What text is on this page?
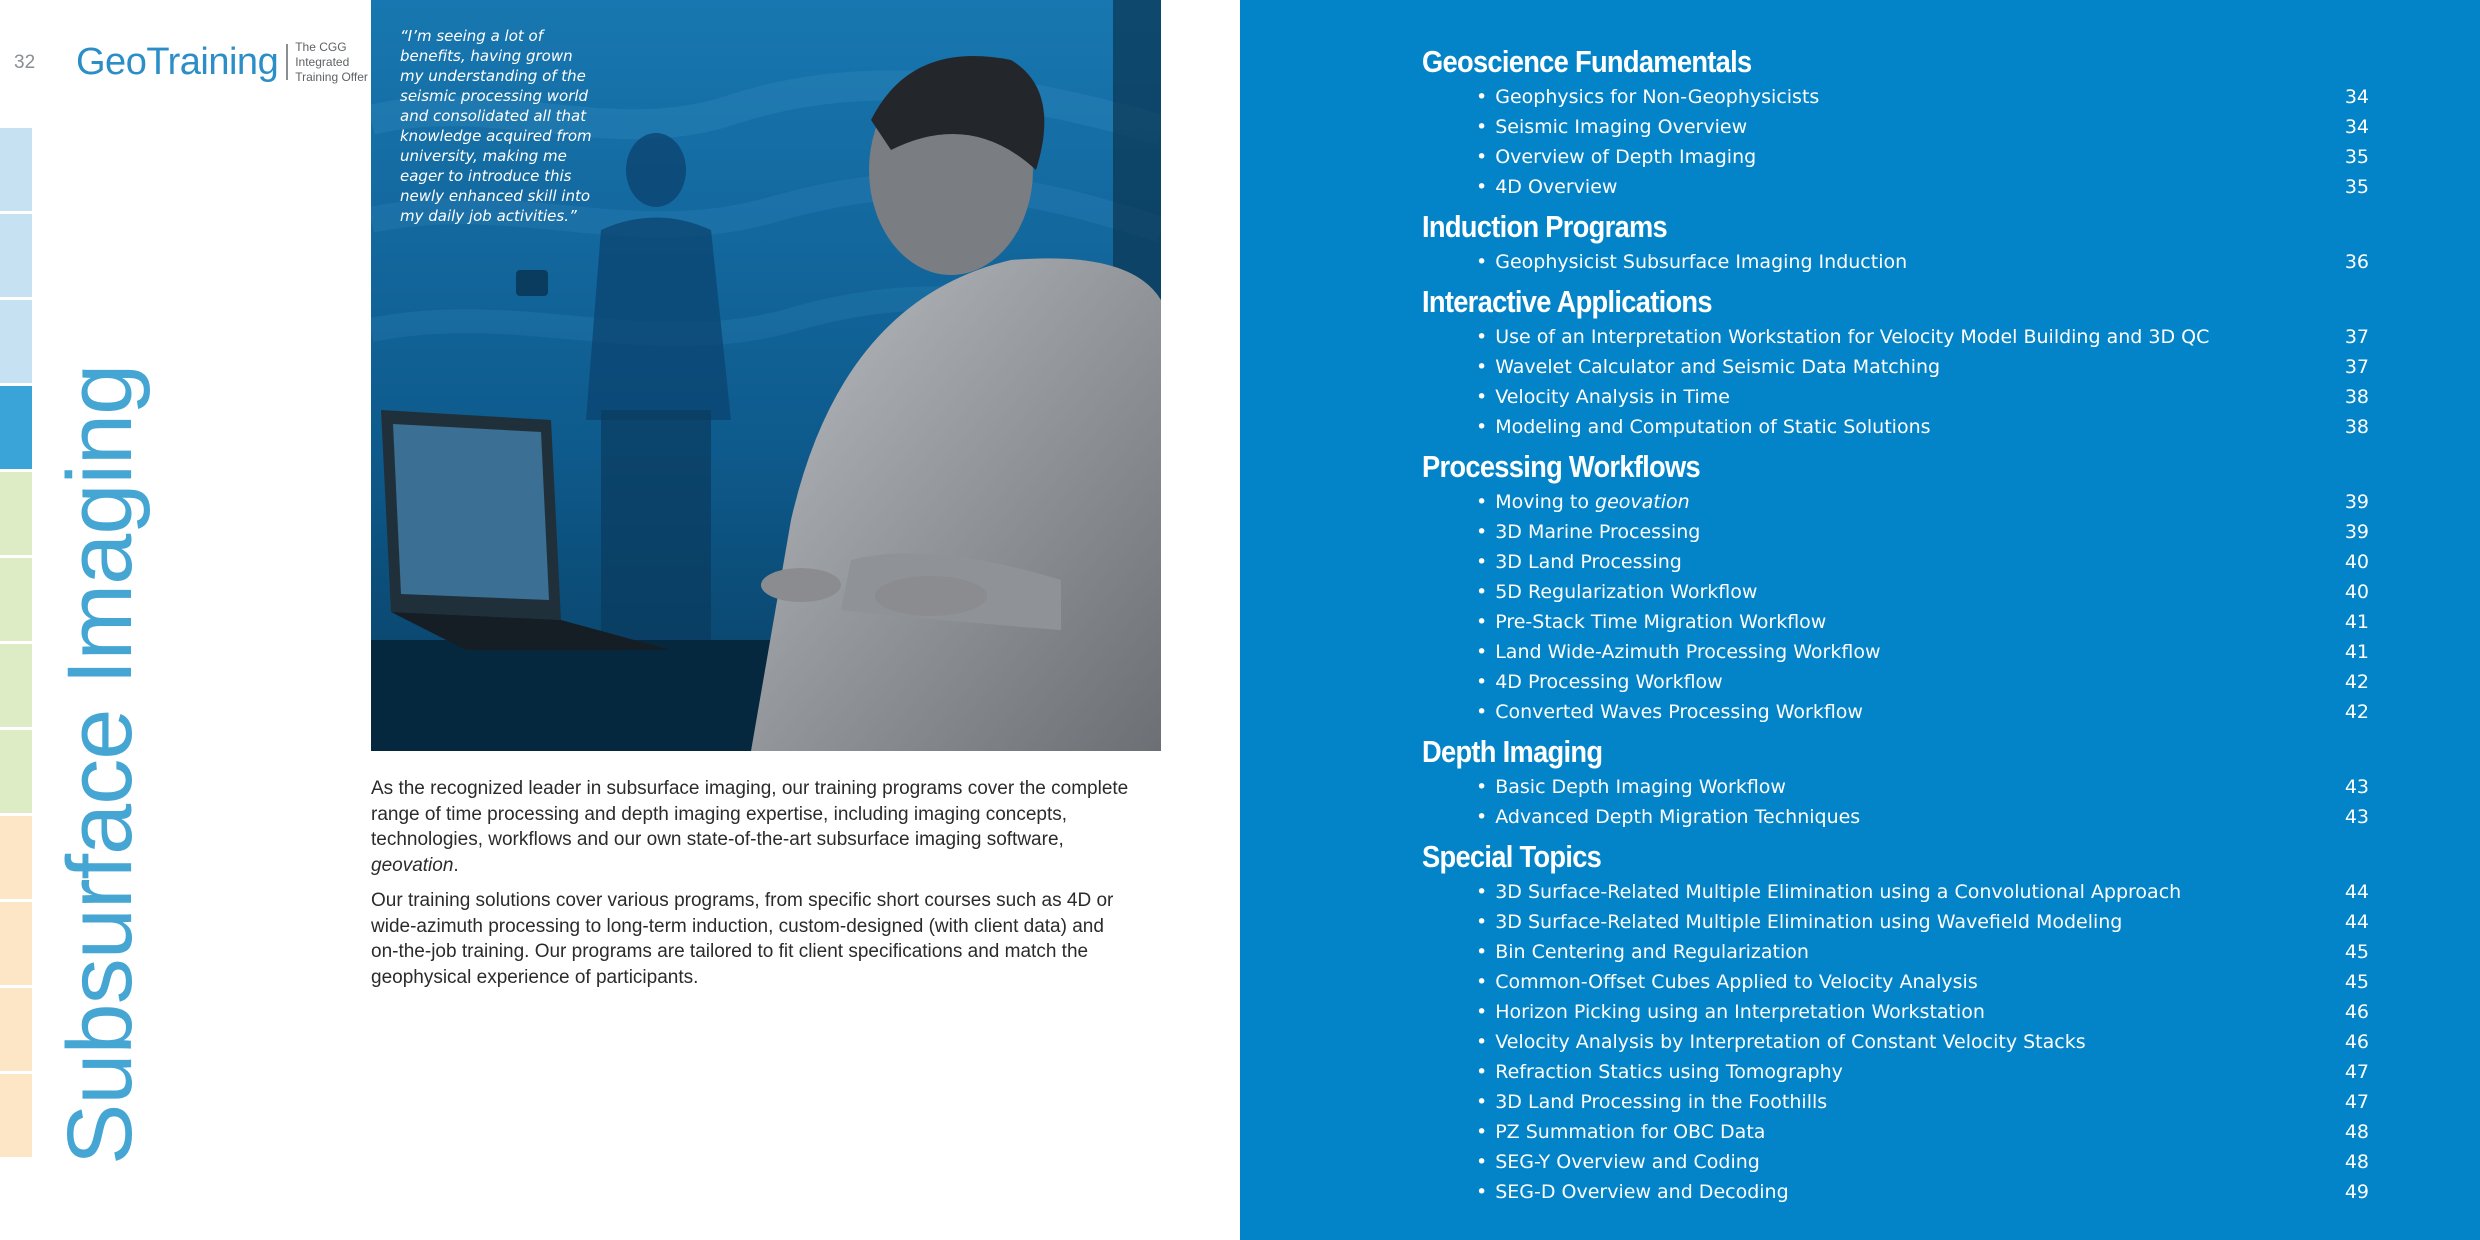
32 GeoTraining The CGG Integrated
Training Offer
Subsurface Imaging
“I’m seeing a lot of benefits, having grown my understanding of the seismic processing world and consolidated all that knowledge acquired from university, making me eager to introduce this newly enhanced skill into my daily job activities.”

As the recognized leader in subsurface imaging, our training programs cover the complete range of time processing and depth imaging expertise, including imaging concepts, technologies, workflows and our own state-of-the-art subsurface imaging software, geovation.

Our training solutions cover various programs, from specific short courses such as 4D or wide-azimuth processing to long-term induction, custom-designed (with client data) and on-the-job training. Our programs are tailored to fit client specifications and match the geophysical experience of participants.

Geoscience Fundamentals
• Geophysics for Non-Geophysicists	34
• Seismic Imaging Overview	34
• Overview of Depth Imaging	35
• 4D Overview	35
Induction Programs
• Geophysicist Subsurface Imaging Induction	36
Interactive Applications
• Use of an Interpretation Workstation for Velocity Model Building and 3D QC	37
• Wavelet Calculator and Seismic Data Matching	37
• Velocity Analysis in Time	38
• Modeling and Computation of Static Solutions	38
Processing Workflows
• Moving to geovation	39
• 3D Marine Processing	39
• 3D Land Processing	40
• 5D Regularization Workflow	40
• Pre-Stack Time Migration Workflow	41
• Land Wide-Azimuth Processing Workflow	41
• 4D Processing Workflow	42
• Converted Waves Processing Workflow	42
Depth Imaging
• Basic Depth Imaging Workflow	43
• Advanced Depth Migration Techniques	43
Special Topics
• 3D Surface-Related Multiple Elimination using a Convolutional Approach	44
• 3D Surface-Related Multiple Elimination using Wavefield Modeling	44
• Bin Centering and Regularization	45
• Common-Offset Cubes Applied to Velocity Analysis	45
• Horizon Picking using an Interpretation Workstation	46
• Velocity Analysis by Interpretation of Constant Velocity Stacks	46
• Refraction Statics using Tomography	47
• 3D Land Processing in the Foothills	47
• PZ Summation for OBC Data	48
• SEG-Y Overview and Coding	48
• SEG-D Overview and Decoding	49
